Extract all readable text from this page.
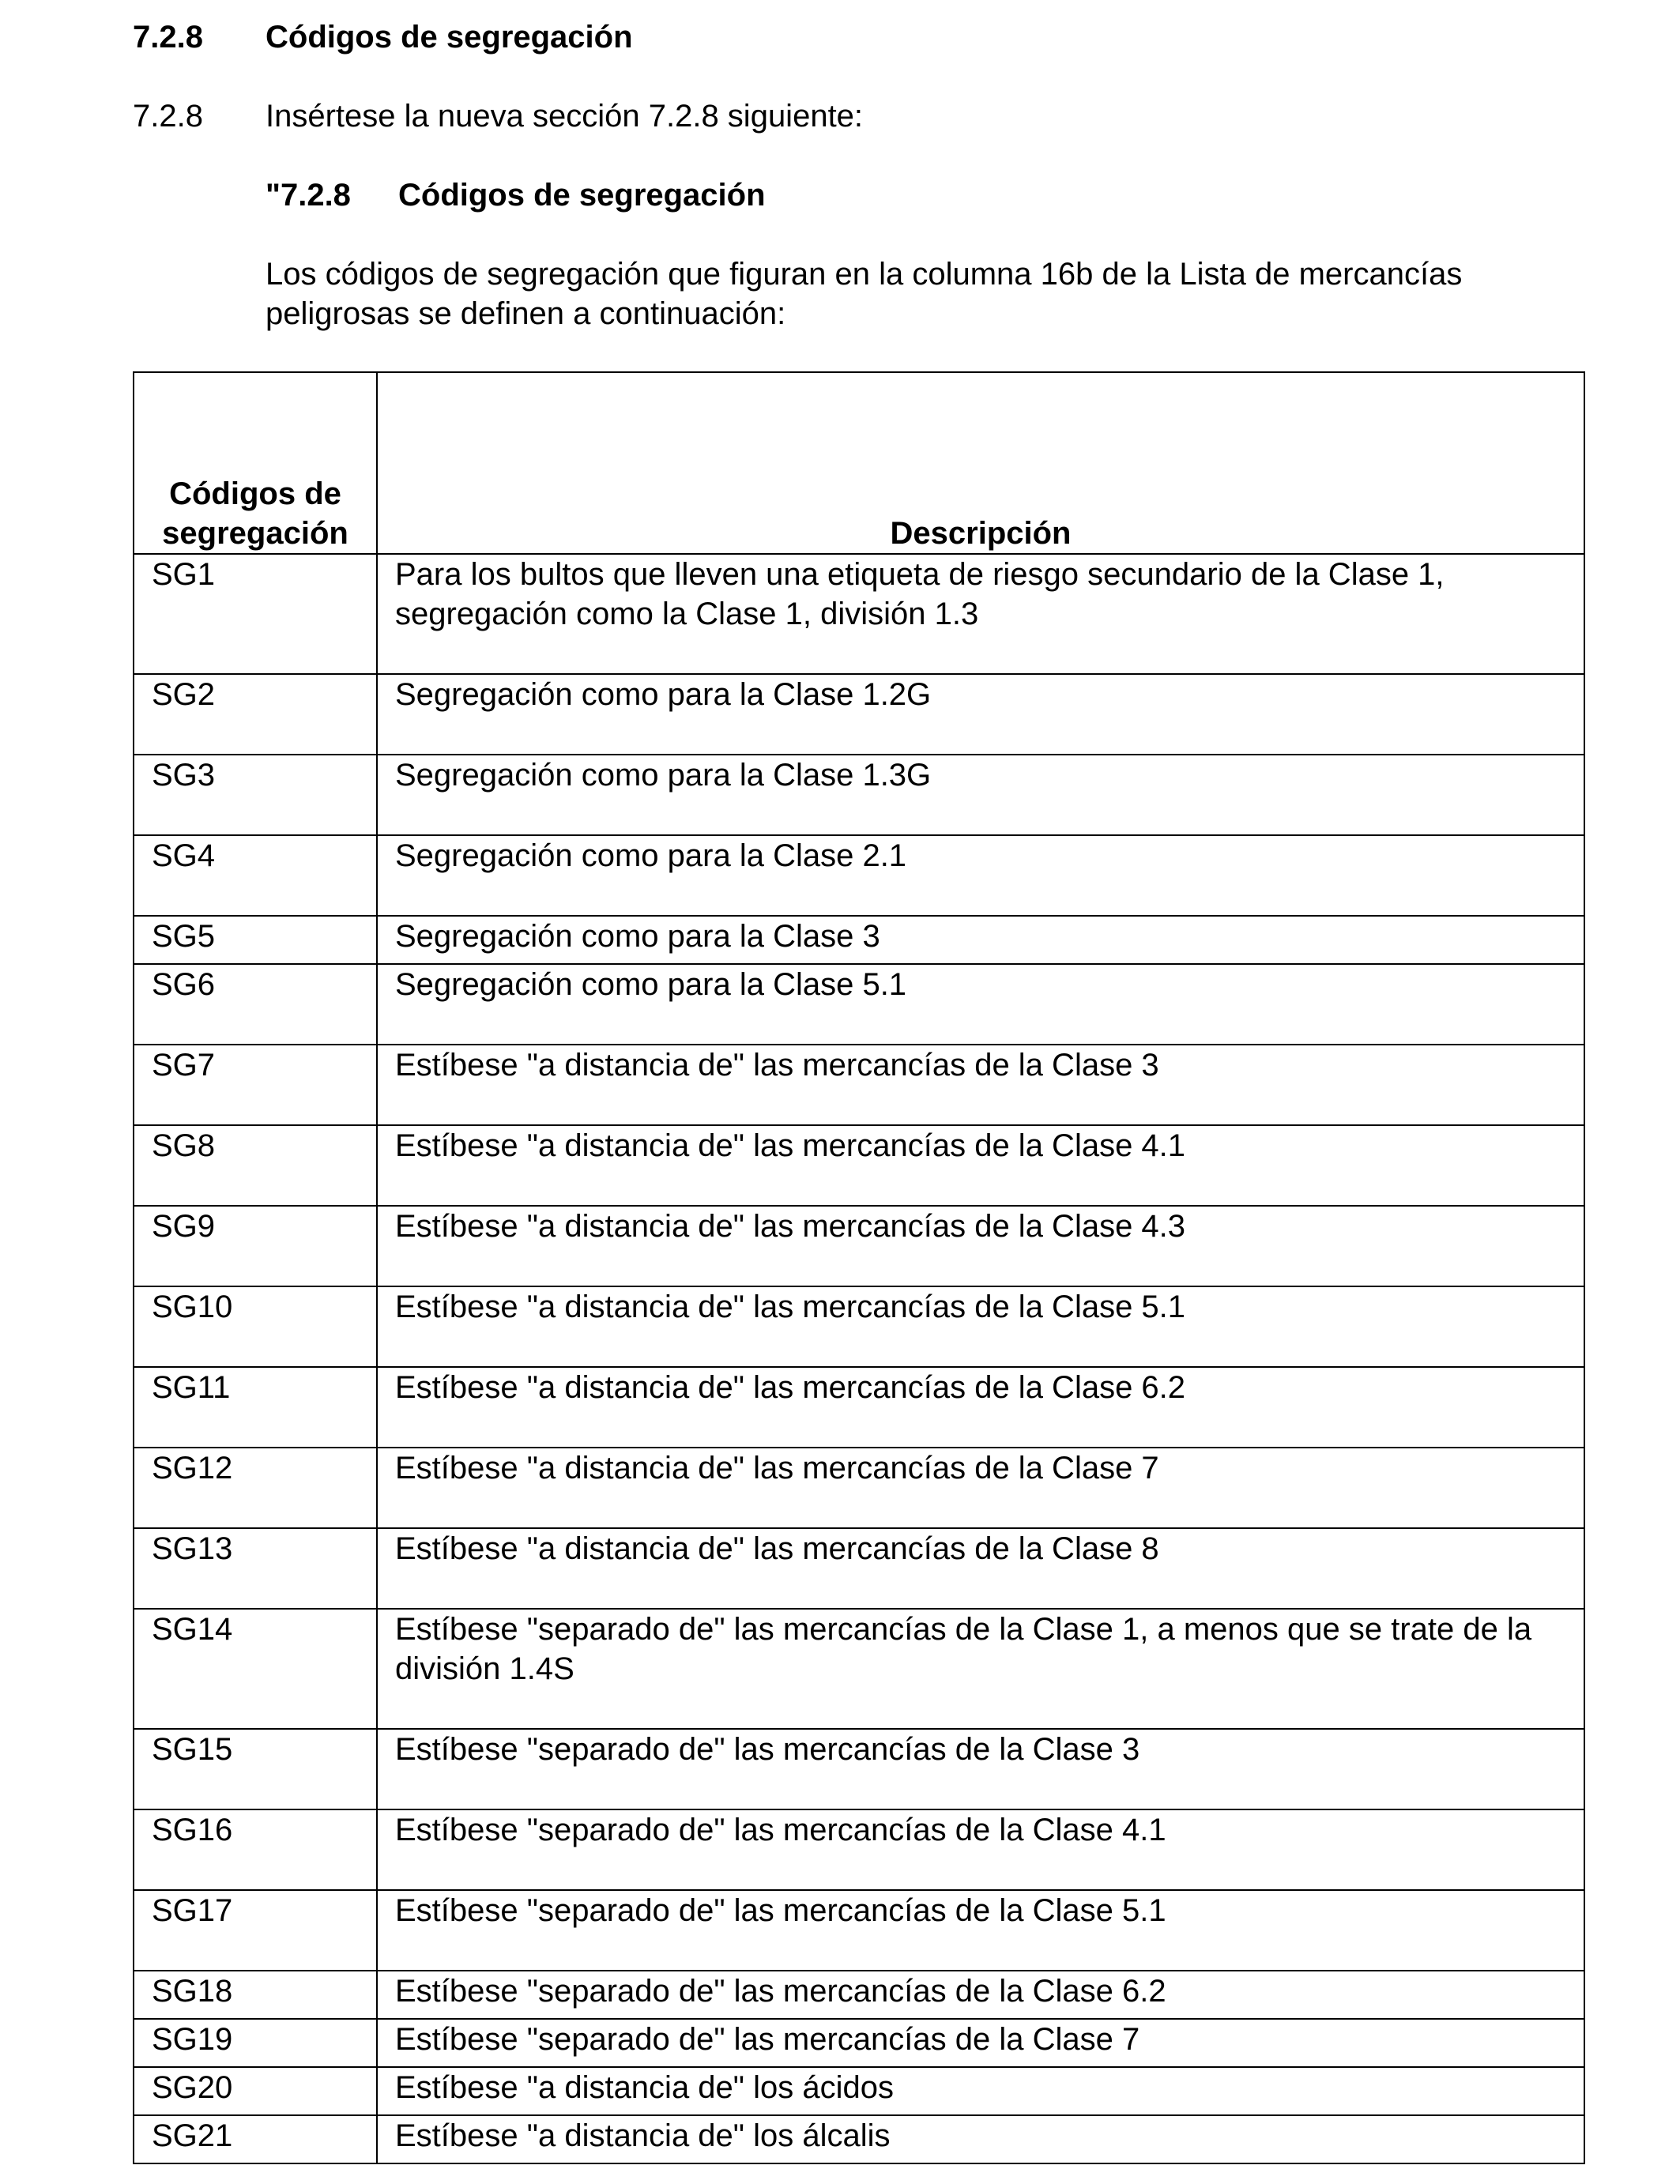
7.2.8 Códigos de segregación
7.2.8 Insértese la nueva sección 7.2.8 siguiente:
"7.2.8 Códigos de segregación
Los códigos de segregación que figuran en la columna 16b de la Lista de mercancías
peligrosas se definen a continuación:
Códigos de
segregación	Descripción
SG1	Para los bultos que lleven una etiqueta de riesgo secundario de la Clase 1, segregación como la Clase 1, división 1.3
SG2	Segregación como para la Clase 1.2G
SG3	Segregación como para la Clase 1.3G
SG4	Segregación como para la Clase 2.1
SG5	Segregación como para la Clase 3
SG6	Segregación como para la Clase 5.1
SG7	Estíbese "a distancia de" las mercancías de la Clase 3
SG8	Estíbese "a distancia de" las mercancías de la Clase 4.1
SG9	Estíbese "a distancia de" las mercancías de la Clase 4.3
SG10	Estíbese "a distancia de" las mercancías de la Clase 5.1
SG11	Estíbese "a distancia de" las mercancías de la Clase 6.2
SG12	Estíbese "a distancia de" las mercancías de la Clase 7
SG13	Estíbese "a distancia de" las mercancías de la Clase 8
SG14	Estíbese "separado de" las mercancías de la Clase 1, a menos que se trate de la división 1.4S
SG15	Estíbese "separado de" las mercancías de la Clase 3
SG16	Estíbese "separado de" las mercancías de la Clase 4.1
SG17	Estíbese "separado de" las mercancías de la Clase 5.1
SG18	Estíbese "separado de" las mercancías de la Clase 6.2
SG19	Estíbese "separado de" las mercancías de la Clase 7
SG20	Estíbese "a distancia de" los ácidos
SG21	Estíbese "a distancia de" los álcalis
